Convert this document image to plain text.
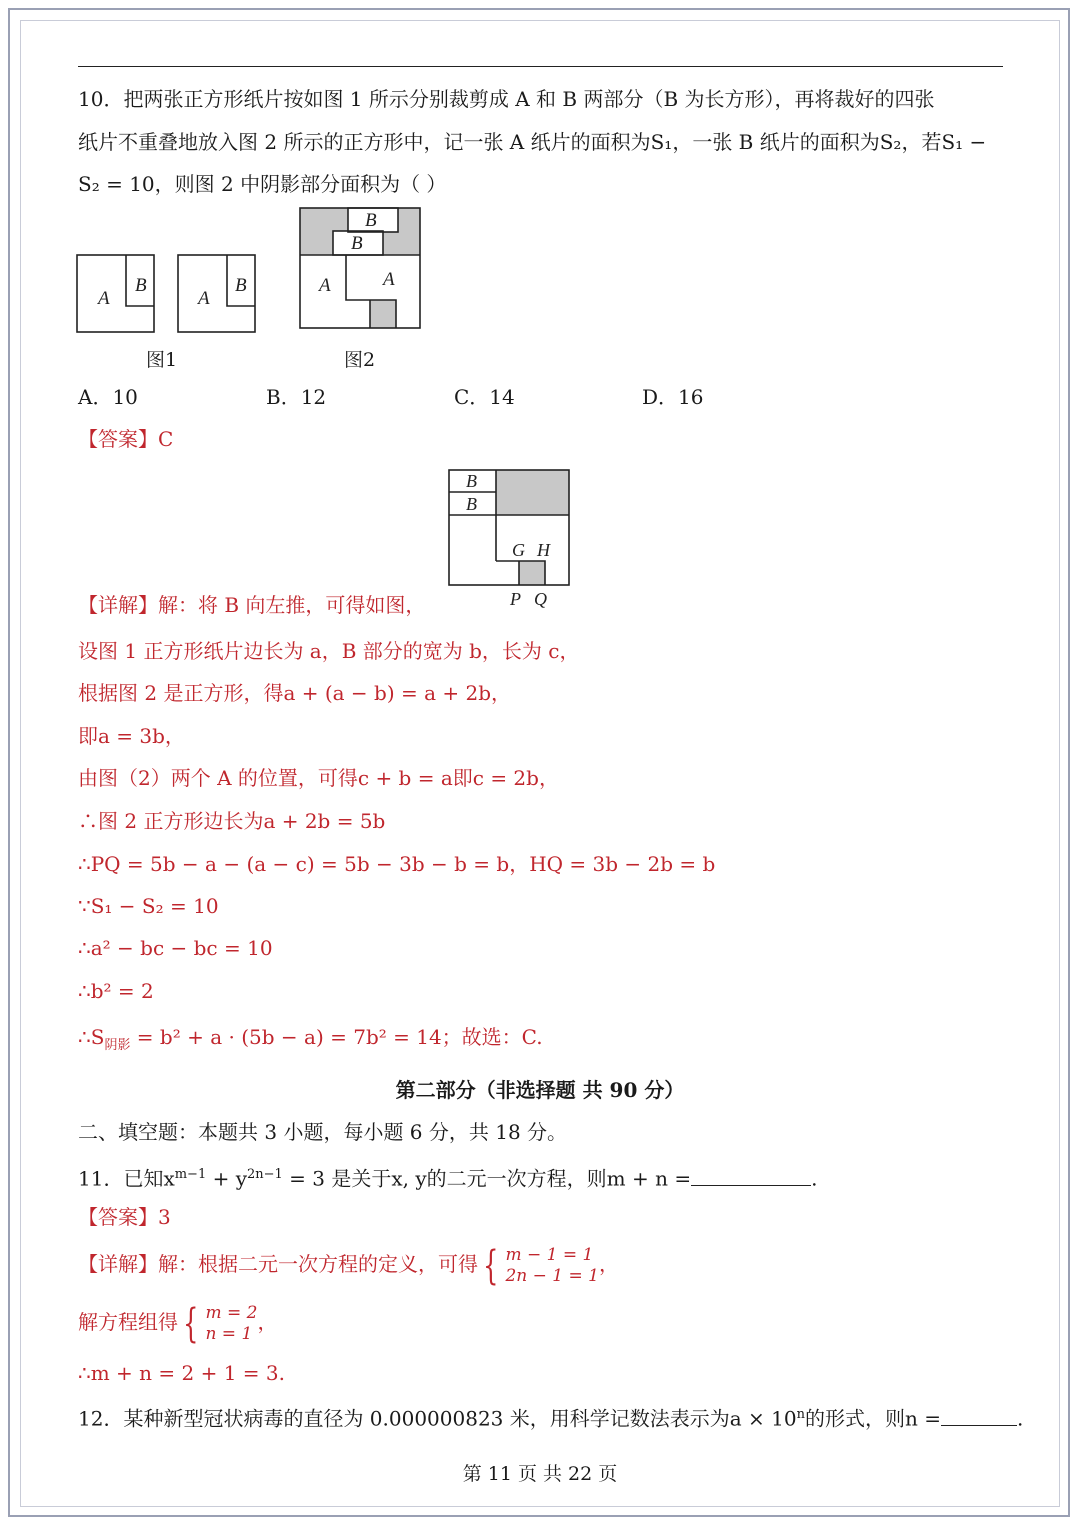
10．把两张正方形纸片按如图 1 所示分别裁剪成 A 和 B 两部分（B 为长方形），再将裁好的四张
纸片不重叠地放入图 2 所示的正方形中，记一张 A 纸片的面积为S₁，一张 B 纸片的面积为S₂，若S₁ −
S₂ = 10，则图 2 中阴影部分面积为（ ）
A
B
A
B
B
B
A	A
图1	图2
A．10	B．12	C．14	D．16
【答案】C
B
B
G H
P Q
【详解】解：将 B 向左推，可得如图，
设图 1 正方形纸片边长为 a，B 部分的宽为 b，长为 c，
根据图 2 是正方形，得a + (a − b) = a + 2b，
即a = 3b，
由图（2）两个 A 的位置，可得c + b = a即c = 2b，
∴图 2 正方形边长为a + 2b = 5b
∴PQ = 5b − a − (a − c) = 5b − 3b − b = b，HQ = 3b − 2b = b
∵S₁ − S₂ = 10
∴a² − bc − bc = 10
∴b² = 2
$\therefore S_{阴影} = b^2 + a \cdot (5b - a) = 7b^2 = 14$；故选：C.
第二部分（非选择题 共 90 分）
二、填空题：本题共 3 小题，每小题 6 分，共 18 分。
11．已知$x^{m-1} + y^{2n-1} = 3$ 是关于x, y的二元一次方程，则m + n =	.
【答案】3
【详解】解：根据二元一次方程的定义，可得 { m − 1 = 1
2n − 1 = 1，
解方程组得 { m = 2
n = 1 ，
∴m + n = 2 + 1 = 3.
12．某种新型冠状病毒的直径为 0.000000823 米，用科学记数法表示为$a \times 10^n$的形式，则n =	.
第 11 页 共 22 页
